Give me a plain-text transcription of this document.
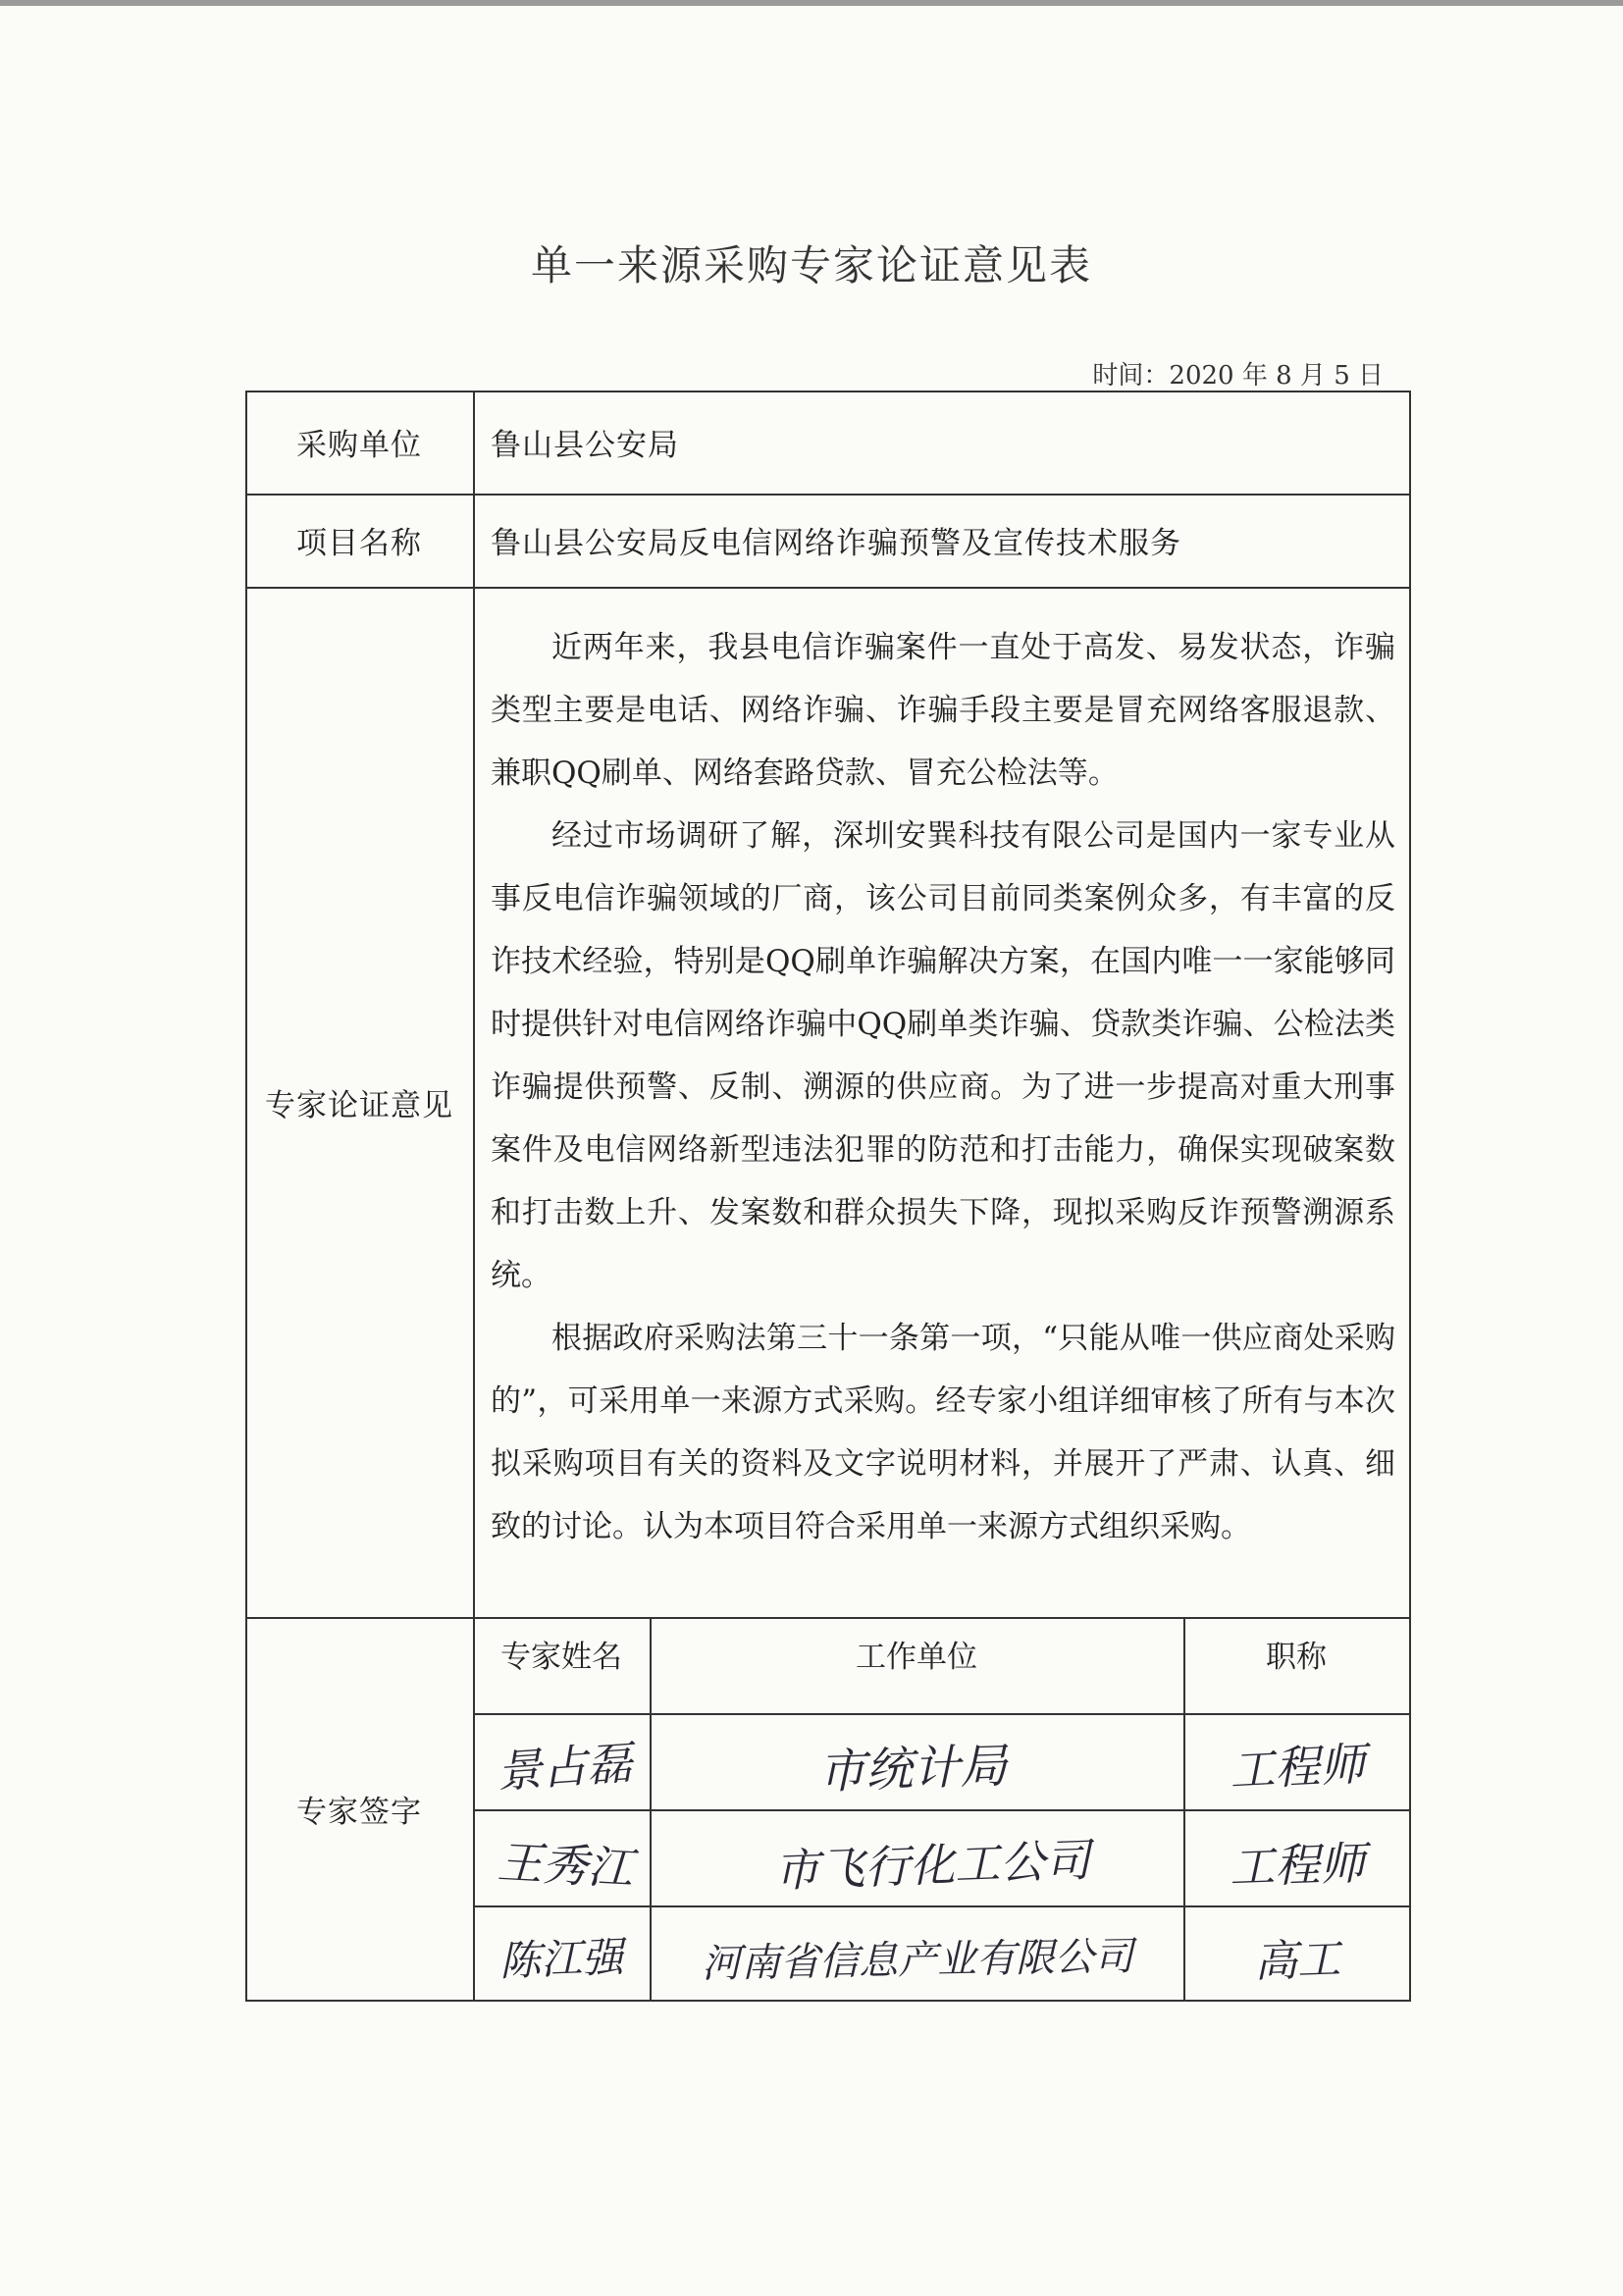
单一来源采购专家论证意见表
时间：2020 年 8 月 5 日
采购单位	鲁山县公安局
项目名称	鲁山县公安局反电信网络诈骗预警及宣传技术服务
专家论证意见

近两年来，我县电信诈骗案件一直处于高发、易发状态，诈骗类型主要是电话、网络诈骗、诈骗手段主要是冒充网络客服退款、兼职QQ刷单、网络套路贷款、冒充公检法等。

经过市场调研了解，深圳安巽科技有限公司是国内一家专业从事反电信诈骗领域的厂商，该公司目前同类案例众多，有丰富的反诈技术经验，特别是QQ刷单诈骗解决方案，在国内唯一一家能够同时提供针对电信网络诈骗中QQ刷单类诈骗、贷款类诈骗、公检法类诈骗提供预警、反制、溯源的供应商。为了进一步提高对重大刑事案件及电信网络新型违法犯罪的防范和打击能力，确保实现破案数和打击数上升、发案数和群众损失下降，现拟采购反诈预警溯源系统。

根据政府采购法第三十一条第一项，“只能从唯一供应商处采购的”，可采用单一来源方式采购。经专家小组详细审核了所有与本次拟采购项目有关的资料及文字说明材料，并展开了严肃、认真、细致的讨论。认为本项目符合采用单一来源方式组织采购。

专家签字
专家姓名	工作单位	职称
景占磊	市统计局	工程师
王秀江	市飞行化工公司	工程师
陈江强	河南省信息产业有限公司	高工
